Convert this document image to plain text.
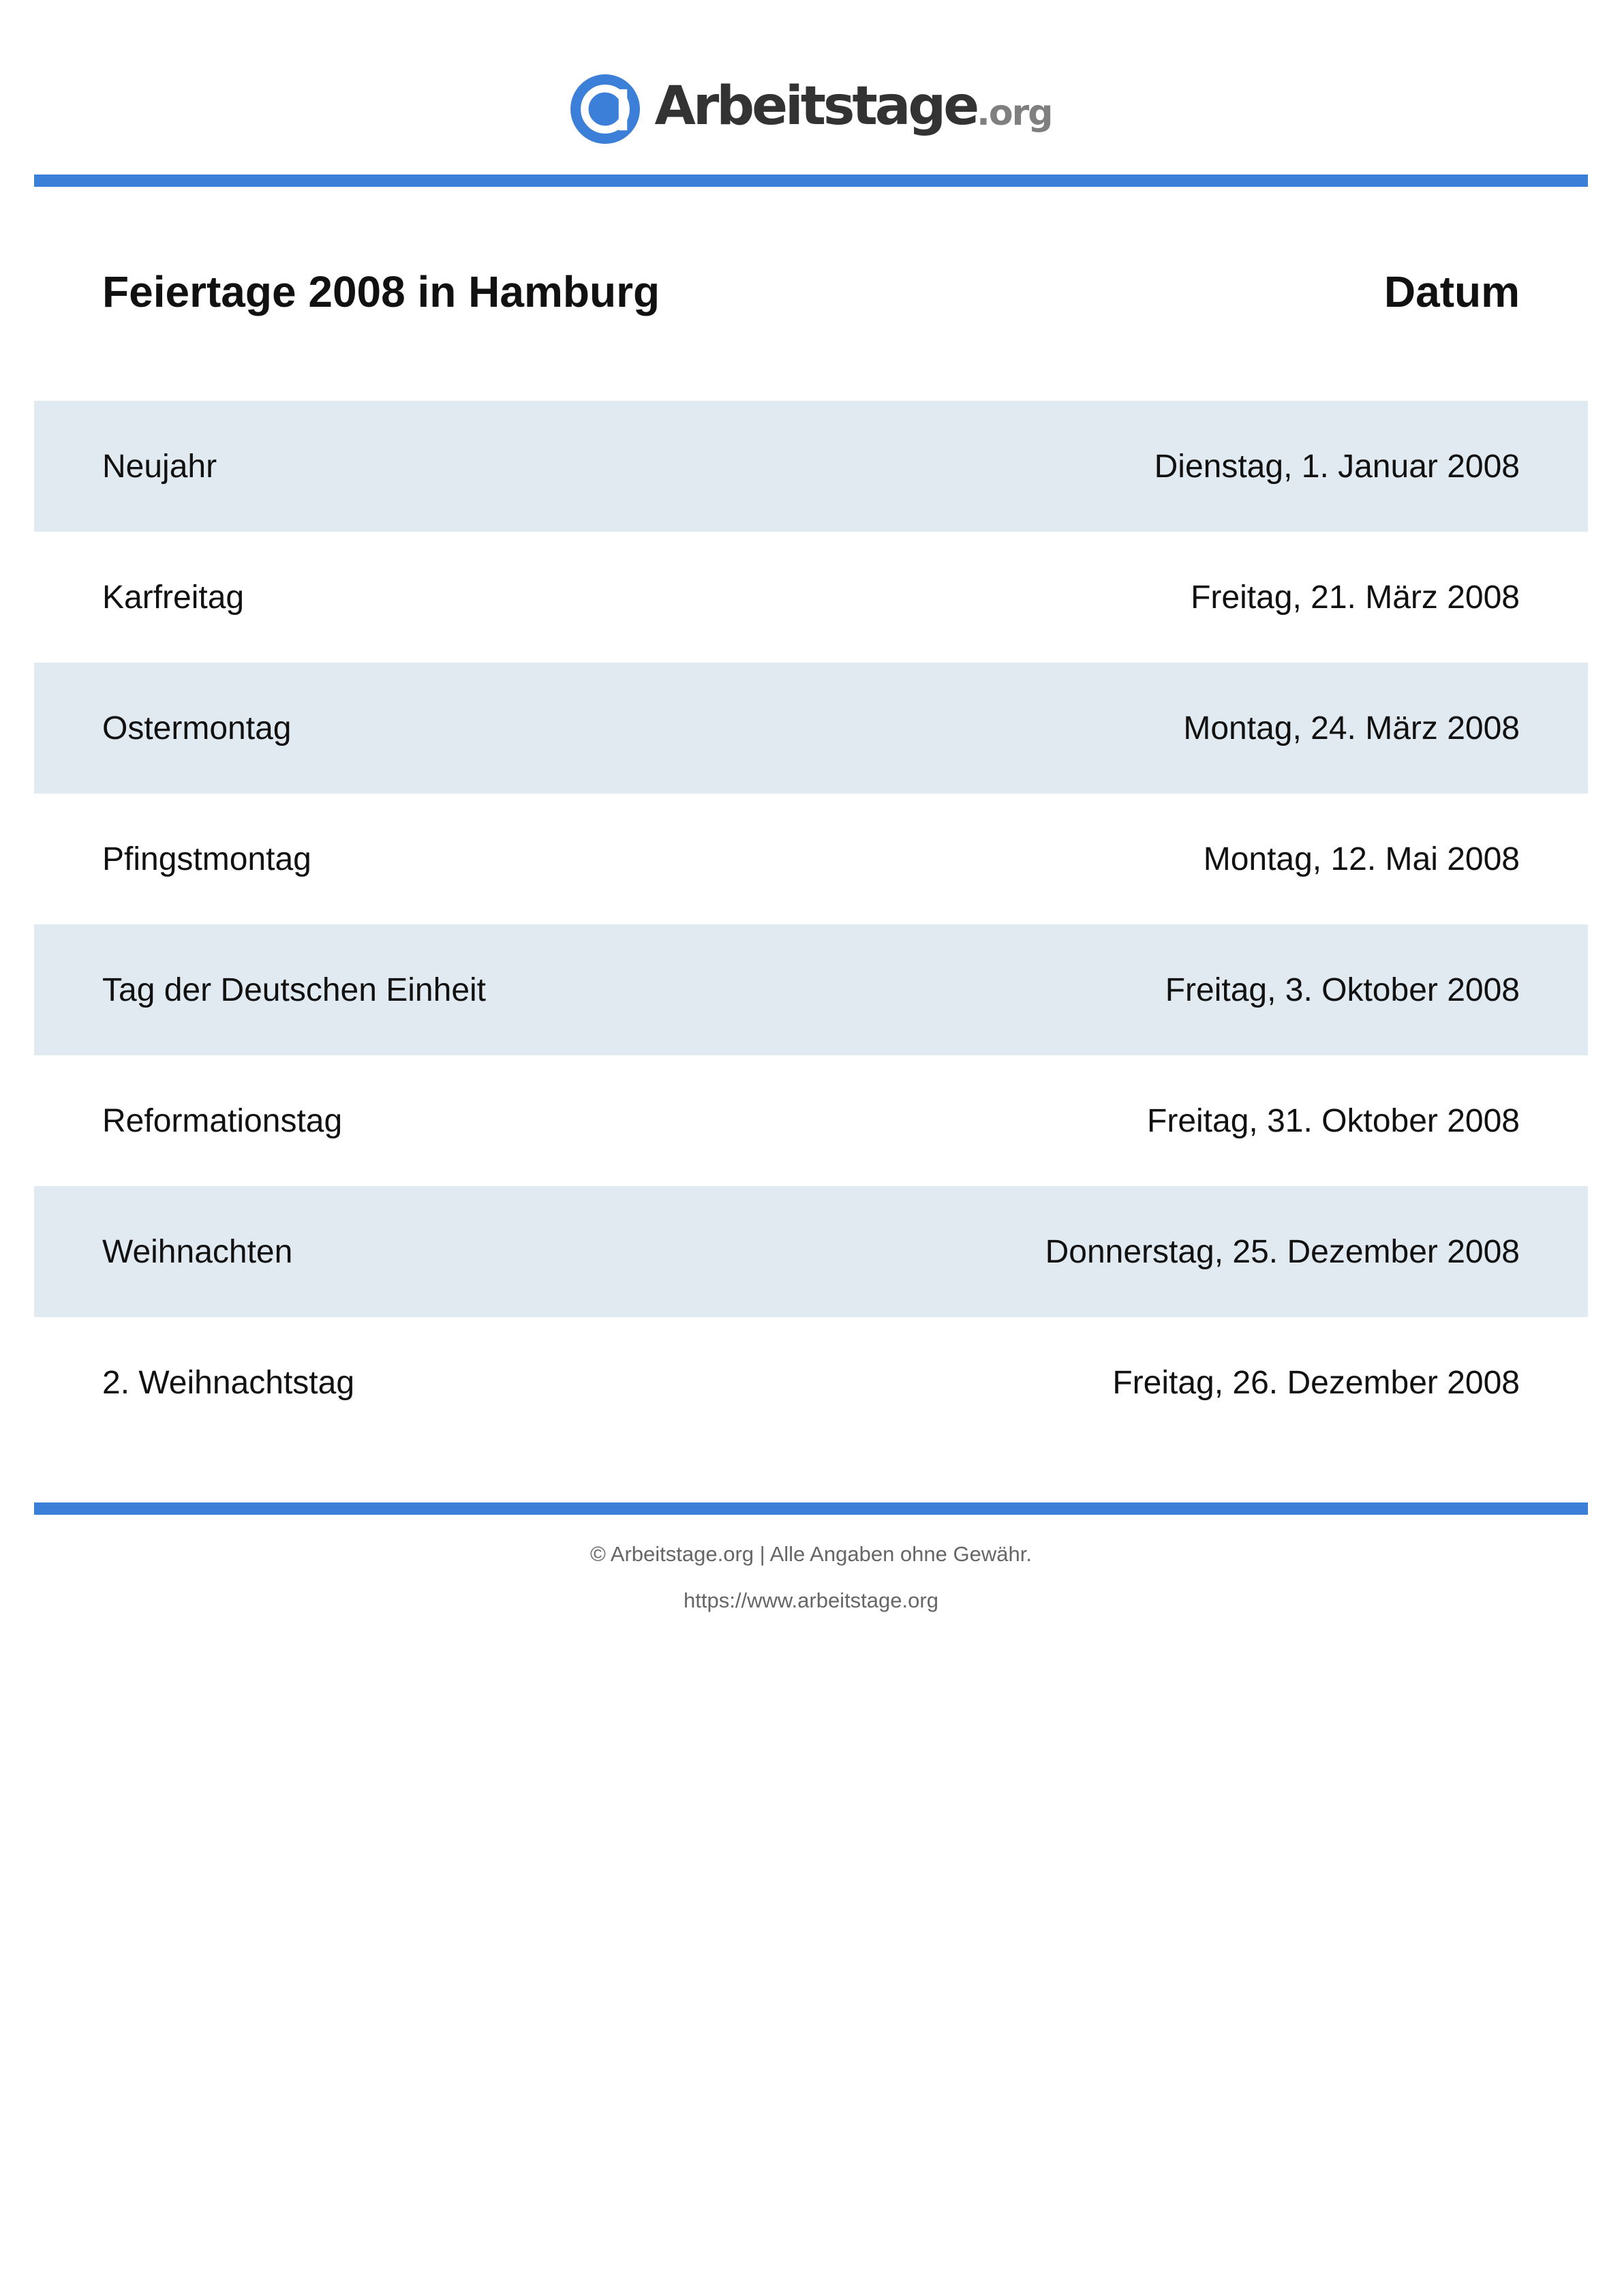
Arbeitstage .org
Feiertage 2008 in Hamburg	Datum
Neujahr	Dienstag, 1. Januar 2008
Karfreitag	Freitag, 21. März 2008
Ostermontag	Montag, 24. März 2008
Pfingstmontag	Montag, 12. Mai 2008
Tag der Deutschen Einheit	Freitag, 3. Oktober 2008
Reformationstag	Freitag, 31. Oktober 2008
Weihnachten	Donnerstag, 25. Dezember 2008
2. Weihnachtstag	Freitag, 26. Dezember 2008
© Arbeitstage.org | Alle Angaben ohne Gewähr.
https://www.arbeitstage.org
